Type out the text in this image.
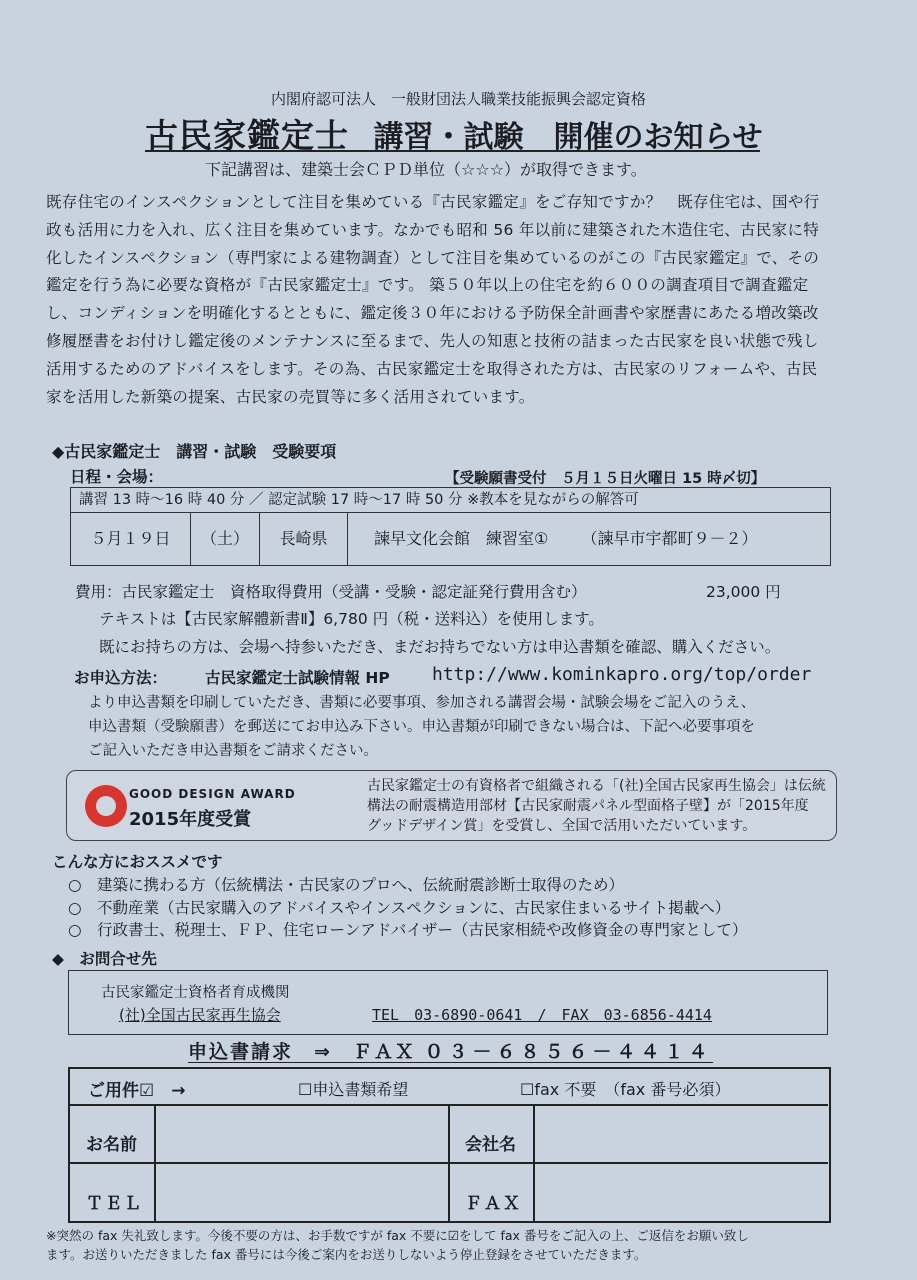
内閣府認可法人　一般財団法人職業技能振興会認定資格
古民家鑑定士 講習・試験　開催のお知らせ
下記講習は、建築士会ＣＰＤ単位（☆☆☆）が取得できます。

既存住宅のインスペクションとして注目を集めている『古民家鑑定』をご存知ですか？　既存住宅は、国や行

政も活用に力を入れ、広く注目を集めています。なかでも昭和 56 年以前に建築された木造住宅、古民家に特

化したインスペクション（専門家による建物調査）として注目を集めているのがこの『古民家鑑定』で、その

鑑定を行う為に必要な資格が『古民家鑑定士』です。 築５０年以上の住宅を約６００の調査項目で調査鑑定

し、コンディションを明確化するとともに、鑑定後３０年における予防保全計画書や家歴書にあたる増改築改

修履歴書をお付けし鑑定後のメンテナンスに至るまで、先人の知恵と技術の詰まった古民家を良い状態で残し

活用するためのアドバイスをします。その為、古民家鑑定士を取得された方は、古民家のリフォームや、古民

家を活用した新築の提案、古民家の売買等に多く活用されています。

◆古民家鑑定士　講習・試験　受験要項
日程・会場：	【受験願書受付　５月１５日火曜日 15 時〆切】
講習 13 時〜16 時 40 分 ／ 認定試験 17 時〜17 時 50 分 ※教本を見ながらの解答可
５月１９日	（土）	長崎県	諫早文化会館　練習室① （諫早市宇都町９－２）
費用：古民家鑑定士　資格取得費用（受講・受験・認定証発行費用含む）	23,000 円
テキストは【古民家解體新書Ⅱ】6,780 円（税・送料込）を使用します。
既にお持ちの方は、会場へ持参いただき、まだお持ちでない方は申込書類を確認、購入ください。
お申込方法： 古民家鑑定士試験情報 HP http://www.kominkapro.org/top/order
より申込書類を印刷していただき、書類に必要事項、参加される講習会場・試験会場をご記入のうえ、
申込書類（受験願書）を郵送にてお申込み下さい。申込書類が印刷できない場合は、下記へ必要事項を
ご記入いただき申込書類をご請求ください。
GOOD DESIGN AWARD
2015年度受賞
古民家鑑定士の有資格者で組織される「(社)全国古民家再生協会」は伝統
構法の耐震構造用部材【古民家耐震パネル型面格子壁】が「2015年度
グッドデザイン賞」を受賞し、全国で活用いただいています。
こんな方におススメです
○　建築に携わる方（伝統構法・古民家のプロへ、伝統耐震診断士取得のため）
○　不動産業（古民家購入のアドバイスやインスペクションに、古民家住まいるサイト掲載へ）
○　行政書士、税理士、ＦＰ、住宅ローンアドバイザー（古民家相続や改修資金の専門家として）
◆　お問合せ先
古民家鑑定士資格者育成機関
(社)全国古民家再生協会	TEL　03-6890-0641　/　FAX　03-6856-4414
申込書請求　⇒　ＦＡＸ ０３－６８５６－４４１４
ご用件☑　→	☐申込書類希望	☐fax 不要　（fax 番号必須）
お名前	会社名
ＴＥＬ	ＦＡＸ
※突然の fax 失礼致します。今後不要の方は、お手数ですが fax 不要に☑をして fax 番号をご記入の上、ご返信をお願い致し
ます。お送りいただきました fax 番号には今後ご案内をお送りしないよう停止登録をさせていただきます。
